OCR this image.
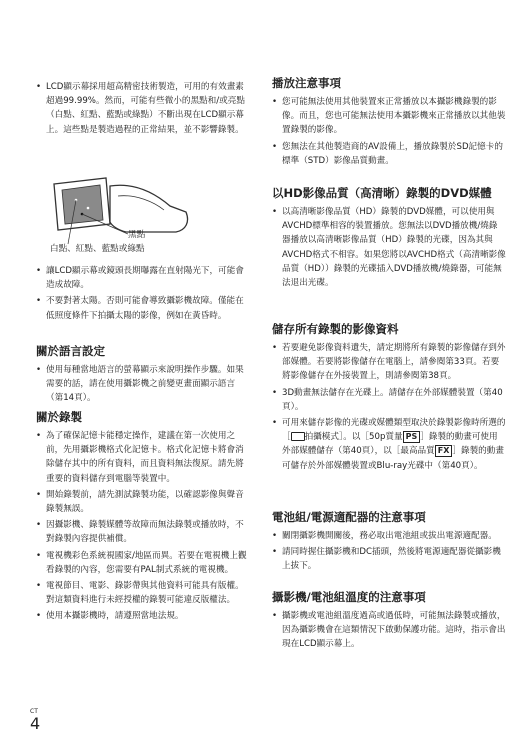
• LCD顯示幕採用超高精密技術製造，可用的有效畫素超過99.99%。然而，可能有些微小的黑點和/或亮點（白點、紅點、藍點或綠點）不斷出現在LCD顯示幕上。這些點是製造過程的正常結果，並不影響錄製。
黑點
白點、紅點、藍點或綠點
• 讓LCD顯示幕或鏡頭長期曝露在直射陽光下，可能會造成故障。
• 不要對著太陽。否則可能會導致攝影機故障。僅能在低照度條件下拍攝太陽的影像，例如在黃昏時。
關於語言設定
• 使用每種當地語言的螢幕顯示來說明操作步驟。如果需要的話，請在使用攝影機之前變更畫面顯示語言（第14頁）。
關於錄製
• 為了確保記憶卡能穩定操作，建議在第一次使用之前，先用攝影機格式化記憶卡。格式化記憶卡將會消除儲存其中的所有資料，而且資料無法復原。請先將重要的資料儲存到電腦等裝置中。
• 開始錄製前，請先測試錄製功能，以確認影像與聲音錄製無誤。
• 因攝影機、錄製媒體等故障而無法錄製或播放時，不對錄製內容提供補償。
• 電視機彩色系統視國家/地區而異。若要在電視機上觀看錄製的內容，您需要有PAL制式系統的電視機。
• 電視節目、電影、錄影帶與其他資料可能具有版權。對這類資料進行未經授權的錄製可能違反版權法。
• 使用本攝影機時，請遵照當地法規。
播放注意事項
• 您可能無法使用其他裝置來正常播放以本攝影機錄製的影像。而且，您也可能無法使用本攝影機來正常播放以其他裝置錄製的影像。
• 您無法在其他製造商的AV設備上，播放錄製於SD記憶卡的標準（STD）影像品質動畫。
以HD影像品質（高清晰）錄製的DVD媒體
• 以高清晰影像品質（HD）錄製的DVD媒體，可以使用與AVCHD標準相容的裝置播放。您無法以DVD播放機/燒錄器播放以高清晰影像品質（HD）錄製的光碟，因為其與AVCHD格式不相容。如果您將以AVCHD格式（高清晰影像品質（HD））錄製的光碟插入DVD播放機/燒錄器，可能無法退出光碟。
儲存所有錄製的影像資料
• 若要避免影像資料遺失，請定期將所有錄製的影像儲存到外部媒體。若要將影像儲存在電腦上，請參閱第33頁。若要將影像儲存在外接裝置上，則請參閱第38頁。
• 3D動畫無法儲存在光碟上。請儲存在外部媒體裝置（第40頁）。
• 可用來儲存影像的光碟或媒體類型取決於錄製影像時所選的［ 拍攝模式］。以［50p質量 PS ］錄製的動畫可使用外部媒體儲存（第40頁），以［最高品質 FX ］錄製的動畫可儲存於外部媒體裝置或Blu-ray光碟中（第40頁）。
電池組/電源適配器的注意事項
• 關閉攝影機開關後，務必取出電池組或拔出電源適配器。
• 請同時握住攝影機和DC插頭，然後將電源適配器從攝影機上拔下。
攝影機/電池組溫度的注意事項
• 攝影機或電池組溫度過高或過低時，可能無法錄製或播放，因為攝影機會在這類情況下啟動保護功能。這時，指示會出現在LCD顯示幕上。
CT
4
